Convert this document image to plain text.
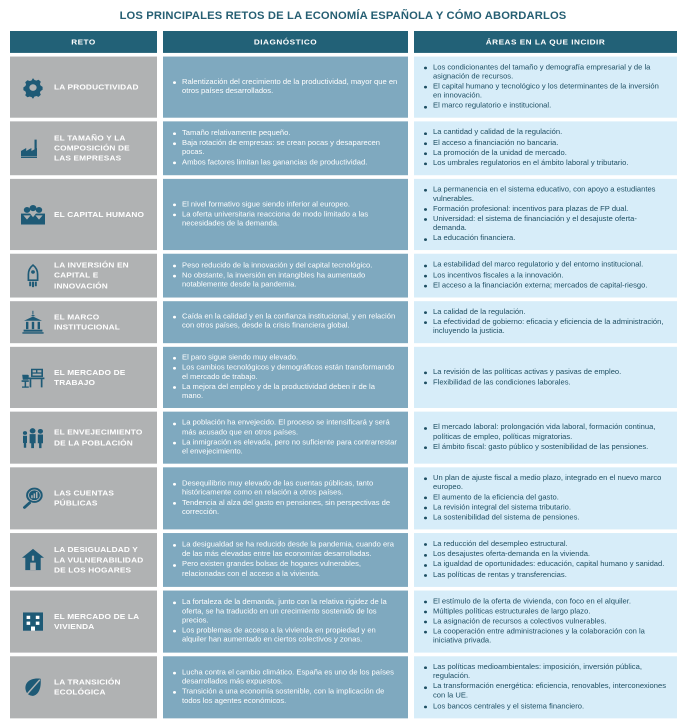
LOS PRINCIPALES RETOS DE LA ECONOMÍA ESPAÑOLA Y CÓMO ABORDARLOS
RETO	DIAGNÓSTICO	ÁREAS EN LA QUE INCIDIR
LA PRODUCTIVIDAD
Ralentización del crecimiento de la productividad, mayor que en otros países desarrollados.
Los condicionantes del tamaño y demografía empresarial y de la asignación de recursos.
El capital humano y tecnológico y los determinantes de la inversión en innovación.
El marco regulatorio e institucional.
EL TAMAÑO Y LA COMPOSICIÓN DE LAS EMPRESAS
Tamaño relativamente pequeño.
Baja rotación de empresas: se crean pocas y desaparecen pocas.
Ambos factores limitan las ganancias de productividad.
La cantidad y calidad de la regulación.
El acceso a financiación no bancaria.
La promoción de la unidad de mercado.
Los umbrales regulatorios en el ámbito laboral y tributario.
EL CAPITAL HUMANO
El nivel formativo sigue siendo inferior al europeo.
La oferta universitaria reacciona de modo limitado a las necesidades de la demanda.
La permanencia en el sistema educativo, con apoyo a estudiantes vulnerables.
Formación profesional: incentivos para plazas de FP dual.
Universidad: el sistema de financiación y el desajuste oferta- demanda.
La educación financiera.
LA INVERSIÓN EN CAPITAL E INNOVACIÓN
Peso reducido de la innovación y del capital tecnológico.
No obstante, la inversión en intangibles ha aumentado notablemente desde la pandemia.
La estabilidad del marco regulatorio y del entorno institucional.
Los incentivos fiscales a la innovación.
El acceso a la financiación externa; mercados de capital-riesgo.
EL MARCO INSTITUCIONAL
Caída en la calidad y en la confianza institucional, y en relación con otros países, desde la crisis financiera global.
La calidad de la regulación.
La efectividad de gobierno: eficacia y eficiencia de la administración, incluyendo la justicia.
EL MERCADO DE TRABAJO
El paro sigue siendo muy elevado.
Los cambios tecnológicos y demográficos están transformando el mercado de trabajo.
La mejora del empleo y de la productividad deben ir de la mano.
La revisión de las políticas activas y pasivas de empleo.
Flexibilidad de las condiciones laborales.
EL ENVEJECIMIENTO DE LA POBLACIÓN
La población ha envejecido. El proceso se intensificará y será más acusado que en otros países.
La inmigración es elevada, pero no suficiente para contrarrestar el envejecimiento.
El mercado laboral: prolongación vida laboral, formación continua, políticas de empleo, políticas migratorias.
El ámbito fiscal: gasto público y sostenibilidad de las pensiones.
LAS CUENTAS PÚBLICAS
Desequilibrio muy elevado de las cuentas públicas, tanto históricamente como en relación a otros países.
Tendencia al alza del gasto en pensiones, sin perspectivas de corrección.
Un plan de ajuste fiscal a medio plazo, integrado en el nuevo marco europeo.
El aumento de la eficiencia del gasto.
La revisión integral del sistema tributario.
La sostenibilidad del sistema de pensiones.
LA DESIGUALDAD Y LA VULNERABILIDAD DE LOS HOGARES
La desigualdad se ha reducido desde la pandemia, cuando era de las más elevadas entre las economías desarrolladas.
Pero existen grandes bolsas de hogares vulnerables, relacionadas con el acceso a la vivienda.
La reducción del desempleo estructural.
Los desajustes oferta-demanda en la vivienda.
La igualdad de oportunidades: educación, capital humano y sanidad.
Las políticas de rentas y transferencias.
EL MERCADO DE LA VIVIENDA
La fortaleza de la demanda, junto con la relativa rigidez de la oferta, se ha traducido en un crecimiento sostenido de los precios.
Los problemas de acceso a la vivienda en propiedad y en alquiler han aumentado en ciertos colectivos y zonas.
El estímulo de la oferta de vivienda, con foco en el alquiler.
Múltiples políticas estructurales de largo plazo.
La asignación de recursos a colectivos vulnerables.
La cooperación entre administraciones y la colaboración con la iniciativa privada.
LA TRANSICIÓN ECOLÓGICA
Lucha contra el cambio climático. España es uno de los países desarrollados más expuestos.
Transición a una economía sostenible, con la implicación de todos los agentes económicos.
Las políticas medioambientales: imposición, inversión pública, regulación.
La transformación energética: eficiencia, renovables, interconexiones con la UE.
Los bancos centrales y el sistema financiero.
